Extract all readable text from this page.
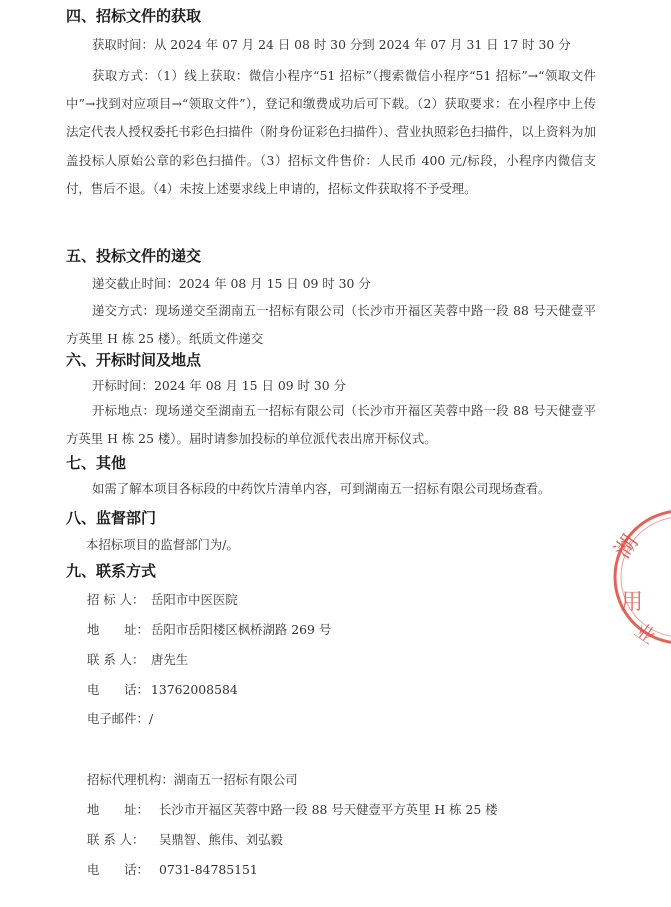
四、招标文件的获取
获取时间：从 2024 年 07 月 24 日 08 时 30 分到 2024 年 07 月 31 日 17 时 30 分
获取方式：（1）线上获取：微信小程序“51 招标”（搜索微信小程序“51 招标”→“领取文件中”→找到对应项目→“领取文件”），登记和缴费成功后可下载。（2）获取要求：在小程序中上传法定代表人授权委托书彩色扫描件（附身份证彩色扫描件）、营业执照彩色扫描件，以上资料为加盖投标人原始公章的彩色扫描件。（3）招标文件售价：人民币 400 元/标段，小程序内微信支付，售后不退。（4）未按上述要求线上申请的，招标文件获取将不予受理。
五、投标文件的递交
递交截止时间：2024 年 08 月 15 日 09 时 30 分
递交方式：现场递交至湖南五一招标有限公司（长沙市开福区芙蓉中路一段 88 号天健壹平方英里 H 栋 25 楼）。纸质文件递交
六、开标时间及地点
开标时间：2024 年 08 月 15 日 09 时 30 分
开标地点：现场递交至湖南五一招标有限公司（长沙市开福区芙蓉中路一段 88 号天健壹平方英里 H 栋 25 楼）。届时请参加投标的单位派代表出席开标仪式。
七、其他
如需了解本项目各标段的中药饮片清单内容，可到湖南五一招标有限公司现场查看。
八、监督部门
本招标项目的监督部门为/。
九、联系方式
招 标 人： 岳阳市中医医院
地　　址： 岳阳市岳阳楼区枫桥湖路 269 号
联 系 人： 唐先生
电　　话： 13762008584
电子邮件：/
招标代理机构：湖南五一招标有限公司
地　　址： 长沙市开福区芙蓉中路一段 88 号天健壹平方英里 H 栋 25 楼
联 系 人： 吴鼎智、熊伟、刘弘毅
电　　话： 0731-84785151
湖
用
业
